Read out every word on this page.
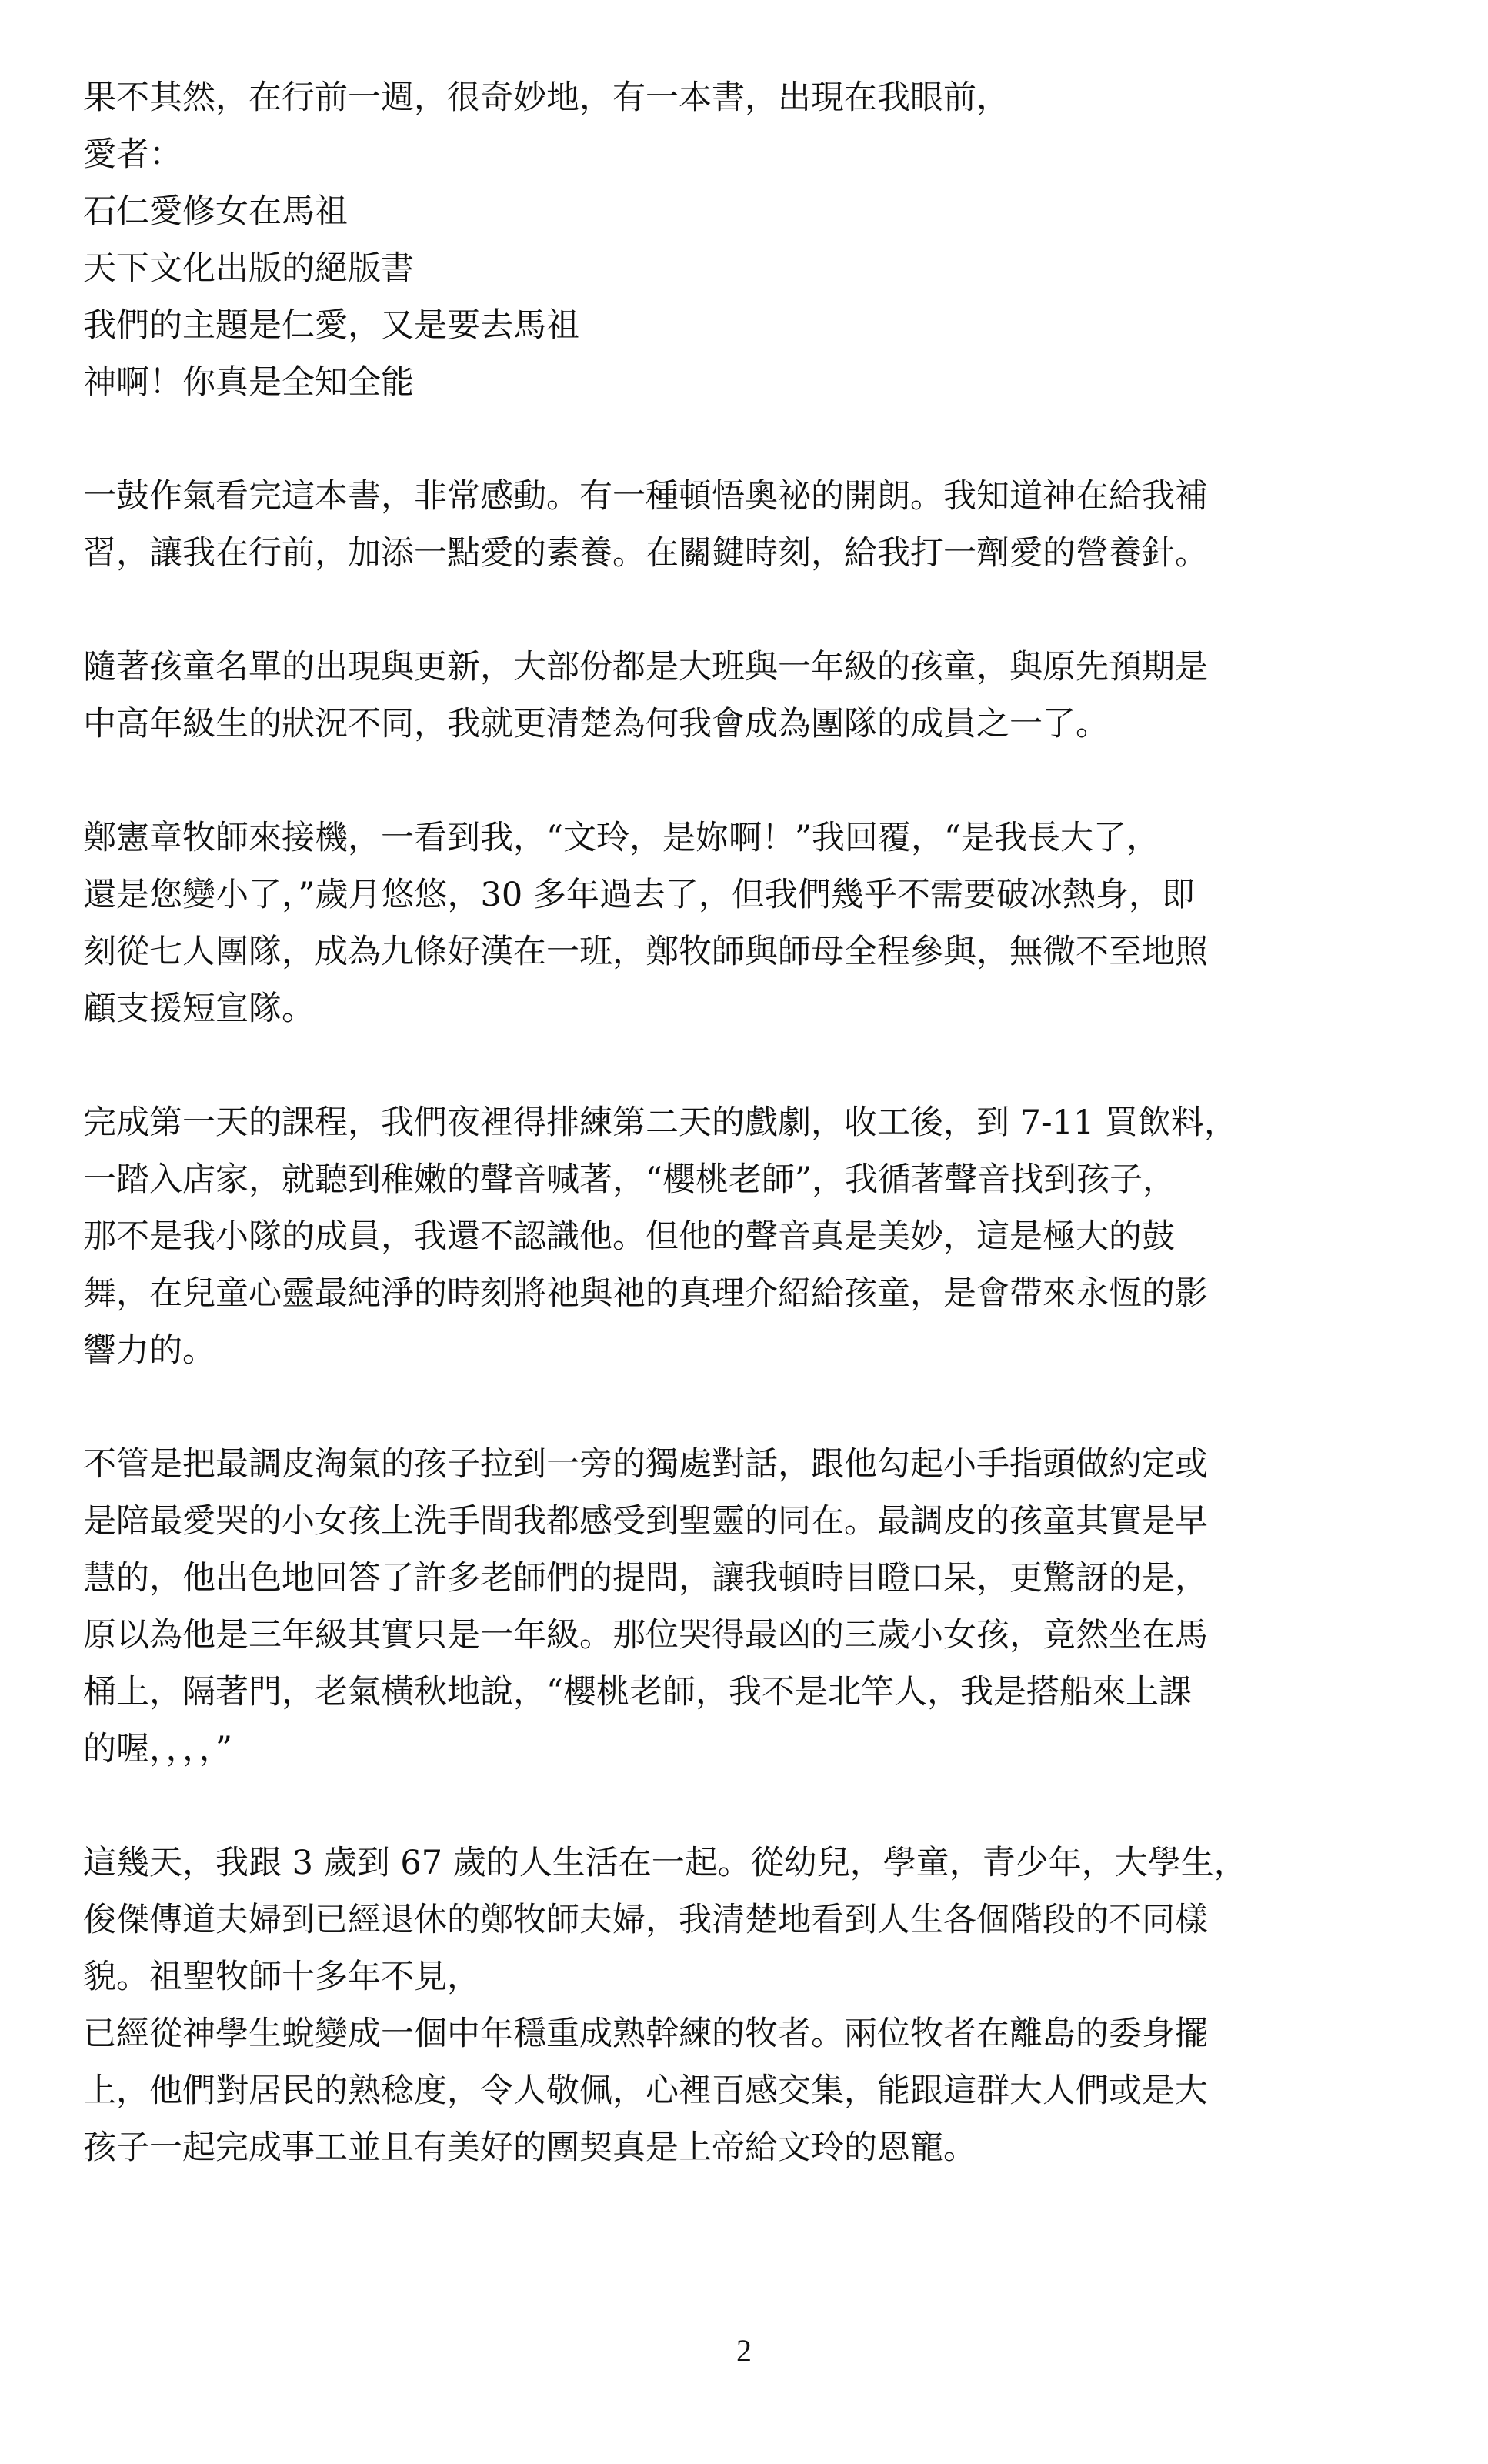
果不其然，在行前一週，很奇妙地，有一本書，出現在我眼前，
愛者：
石仁愛修女在馬祖
天下文化出版的絕版書
我們的主題是仁愛，又是要去馬祖
神啊！你真是全知全能
一鼓作氣看完這本書，非常感動。有一種頓悟奧祕的開朗。我知道神在給我補
習，讓我在行前，加添一點愛的素養。在關鍵時刻，給我打一劑愛的營養針。
隨著孩童名單的出現與更新，大部份都是大班與一年級的孩童，與原先預期是
中高年級生的狀況不同，我就更清楚為何我會成為團隊的成員之一了。
鄭憲章牧師來接機，一看到我，“文玲，是妳啊！”我回覆，“是我長大了，
還是您變小了，”歲月悠悠，30 多年過去了，但我們幾乎不需要破冰熱身，即
刻從七人團隊，成為九條好漢在一班，鄭牧師與師母全程參與，無微不至地照
顧支援短宣隊。
完成第一天的課程，我們夜裡得排練第二天的戲劇，收工後，到 7-11 買飲料，
一踏入店家，就聽到稚嫩的聲音喊著，“櫻桃老師”，我循著聲音找到孩子，
那不是我小隊的成員，我還不認識他。但他的聲音真是美妙，這是極大的鼓
舞，在兒童心靈最純淨的時刻將祂與祂的真理介紹給孩童，是會帶來永恆的影
響力的。
不管是把最調皮淘氣的孩子拉到一旁的獨處對話，跟他勾起小手指頭做約定或
是陪最愛哭的小女孩上洗手間我都感受到聖靈的同在。最調皮的孩童其實是早
慧的，他出色地回答了許多老師們的提問，讓我頓時目瞪口呆，更驚訝的是，
原以為他是三年級其實只是一年級。那位哭得最凶的三歲小女孩，竟然坐在馬
桶上，隔著門，老氣橫秋地說，“櫻桃老師，我不是北竿人，我是搭船來上課
的喔，，，，”
這幾天，我跟 3 歲到 67 歲的人生活在一起。從幼兒，學童，青少年，大學生，
俊傑傳道夫婦到已經退休的鄭牧師夫婦，我清楚地看到人生各個階段的不同樣
貌。祖聖牧師十多年不見，
已經從神學生蛻變成一個中年穩重成熟幹練的牧者。兩位牧者在離島的委身擺
上，他們對居民的熟稔度，令人敬佩，心裡百感交集，能跟這群大人們或是大
孩子一起完成事工並且有美好的團契真是上帝給文玲的恩寵。
2
